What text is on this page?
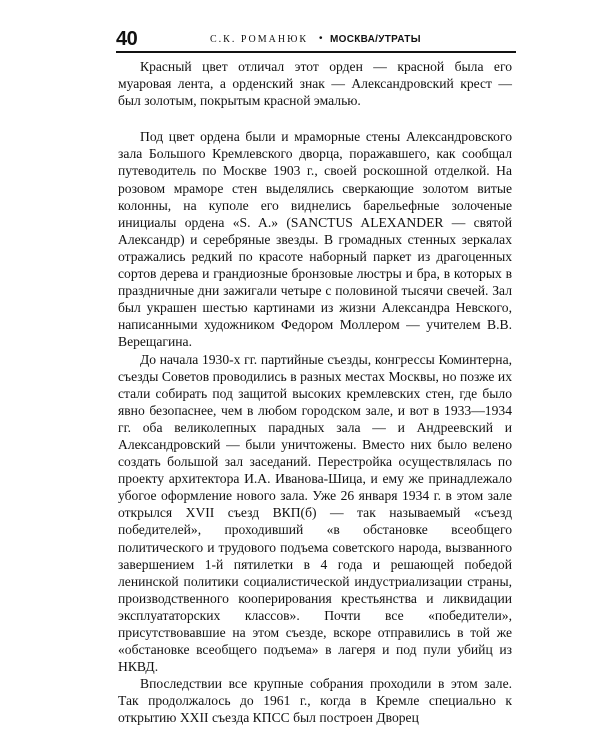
40	С.К. РОМАНЮК • МОСКВА/УТРАТЫ

Красный цвет отличал этот орден — красной была его муаровая лента, а орденский знак — Александровский крест — был золотым, покрытым красной эмалью.

Под цвет ордена были и мраморные стены Александровского зала Большого Кремлевского дворца, поражавшего, как сообщал путеводитель по Москве 1903 г., своей роскошной отделкой. На розовом мраморе стен выделялись сверкающие золотом витые колонны, на куполе его виднелись барельефные золоченые инициалы ордена «S. A.» (SANCTUS ALEXANDER — святой Александр) и серебряные звезды. В громадных стенных зеркалах отражались редкий по красоте наборный паркет из драгоценных сортов дерева и грандиозные бронзовые люстры и бра, в которых в праздничные дни зажигали четыре с половиной тысячи свечей. Зал был украшен шестью картинами из жизни Александра Невского, написанными художником Федором Моллером — учителем В.В. Верещагина.

До начала 1930-х гг. партийные съезды, конгрессы Коминтерна, съезды Советов проводились в разных местах Москвы, но позже их стали собирать под защитой высоких кремлевских стен, где было явно безопаснее, чем в любом городском зале, и вот в 1933—1934 гг. оба великолепных парадных зала — и Андреевский и Александровский — были уничтожены. Вместо них было велено создать большой зал заседаний. Перестройка осуществлялась по проекту архитектора И.А. Иванова-Шица, и ему же принадлежало убогое оформление нового зала. Уже 26 января 1934 г. в этом зале открылся XVII съезд ВКП(б) — так называемый «съезд победителей», проходивший «в обстановке всеобщего политического и трудового подъема советского народа, вызванного завершением 1-й пятилетки в 4 года и решающей победой ленинской политики социалистической индустриализации страны, производственного кооперирования крестьянства и ликвидации эксплуататорских классов». Почти все «победители», присутствовавшие на этом съезде, вскоре отправились в той же «обстановке всеобщего подъема» в лагеря и под пули убийц из НКВД.

Впоследствии все крупные собрания проходили в этом зале. Так продолжалось до 1961 г., когда в Кремле специально к открытию XXII съезда КПСС был построен Дворец
